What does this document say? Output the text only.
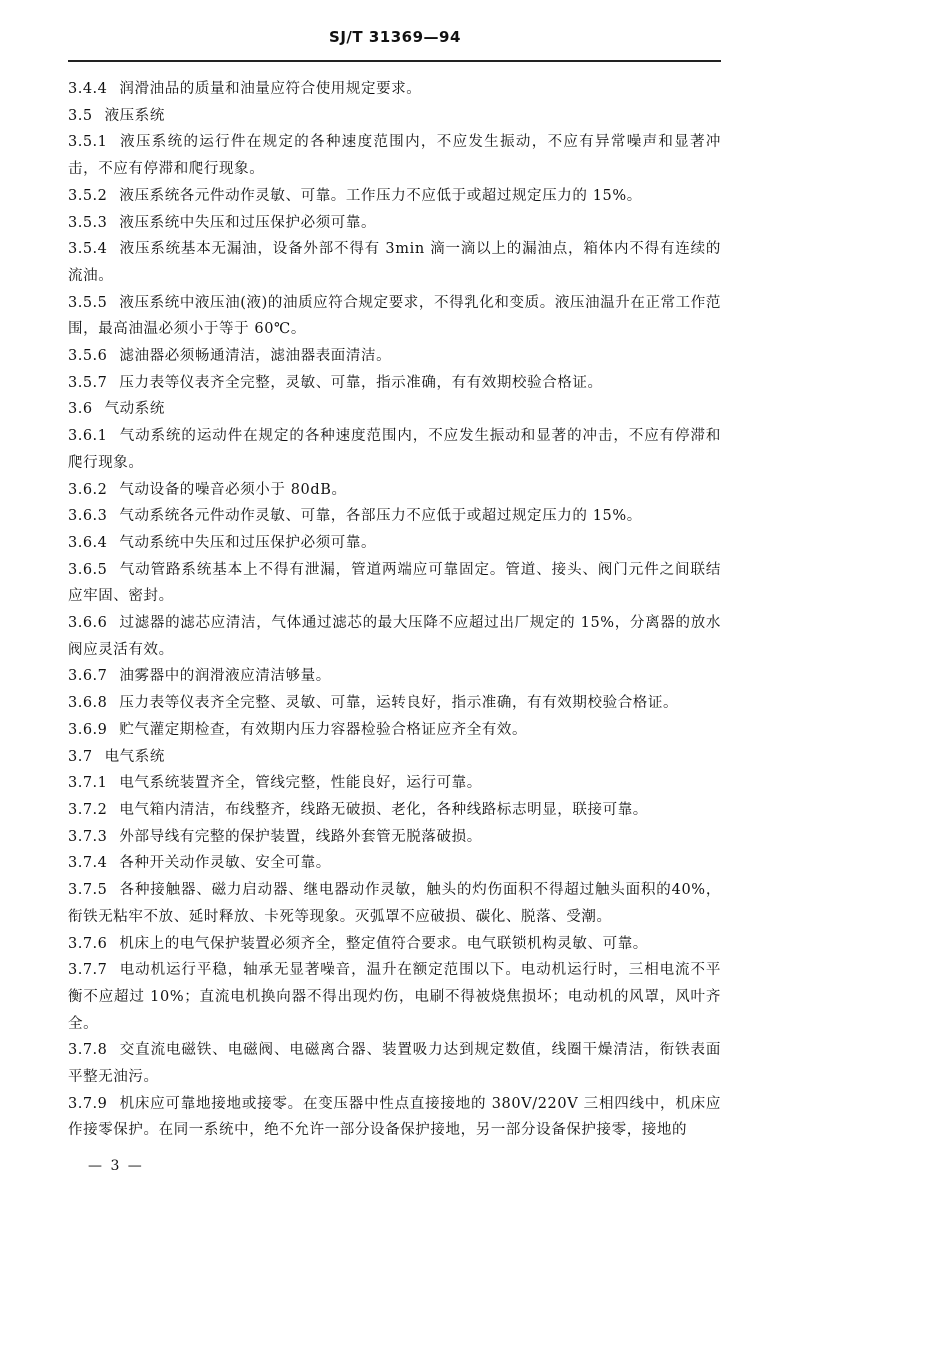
SJ/T 31369—94

3.4.4 润滑油品的质量和油量应符合使用规定要求。

3.5 液压系统

3.5.1 液压系统的运行件在规定的各种速度范围内，不应发生振动，不应有异常噪声和显著冲击，不应有停滞和爬行现象。

3.5.2 液压系统各元件动作灵敏、可靠。工作压力不应低于或超过规定压力的 15%。

3.5.3 液压系统中失压和过压保护必须可靠。

3.5.4 液压系统基本无漏油，设备外部不得有 3min 滴一滴以上的漏油点，箱体内不得有连续的流油。

3.5.5 液压系统中液压油(液)的油质应符合规定要求，不得乳化和变质。液压油温升在正常工作范围，最高油温必须小于等于 60℃。

3.5.6 滤油器必须畅通清洁，滤油器表面清洁。

3.5.7 压力表等仪表齐全完整，灵敏、可靠，指示准确，有有效期校验合格证。

3.6 气动系统

3.6.1 气动系统的运动件在规定的各种速度范围内，不应发生振动和显著的冲击，不应有停滞和爬行现象。

3.6.2 气动设备的噪音必须小于 80dB。

3.6.3 气动系统各元件动作灵敏、可靠，各部压力不应低于或超过规定压力的 15%。

3.6.4 气动系统中失压和过压保护必须可靠。

3.6.5 气动管路系统基本上不得有泄漏，管道两端应可靠固定。管道、接头、阀门元件之间联结应牢固、密封。

3.6.6 过滤器的滤芯应清洁，气体通过滤芯的最大压降不应超过出厂规定的 15%，分离器的放水阀应灵活有效。

3.6.7 油雾器中的润滑液应清洁够量。

3.6.8 压力表等仪表齐全完整、灵敏、可靠，运转良好，指示准确，有有效期校验合格证。

3.6.9 贮气灌定期检查，有效期内压力容器检验合格证应齐全有效。

3.7 电气系统

3.7.1 电气系统装置齐全，管线完整，性能良好，运行可靠。

3.7.2 电气箱内清洁，布线整齐，线路无破损、老化，各种线路标志明显，联接可靠。

3.7.3 外部导线有完整的保护装置，线路外套管无脱落破损。

3.7.4 各种开关动作灵敏、安全可靠。

3.7.5 各种接触器、磁力启动器、继电器动作灵敏，触头的灼伤面积不得超过触头面积的40%，衔铁无粘牢不放、延时释放、卡死等现象。灭弧罩不应破损、碳化、脱落、受潮。

3.7.6 机床上的电气保护装置必须齐全，整定值符合要求。电气联锁机构灵敏、可靠。

3.7.7 电动机运行平稳，轴承无显著噪音，温升在额定范围以下。电动机运行时，三相电流不平衡不应超过 10%；直流电机换向器不得出现灼伤，电刷不得被烧焦损坏；电动机的风罩，风叶齐全。

3.7.8 交直流电磁铁、电磁阀、电磁离合器、装置吸力达到规定数值，线圈干燥清洁，衔铁表面平整无油污。

3.7.9 机床应可靠地接地或接零。在变压器中性点直接接地的 380V/220V 三相四线中，机床应作接零保护。在同一系统中，绝不允许一部分设备保护接地，另一部分设备保护接零，接地的

— 3 —
